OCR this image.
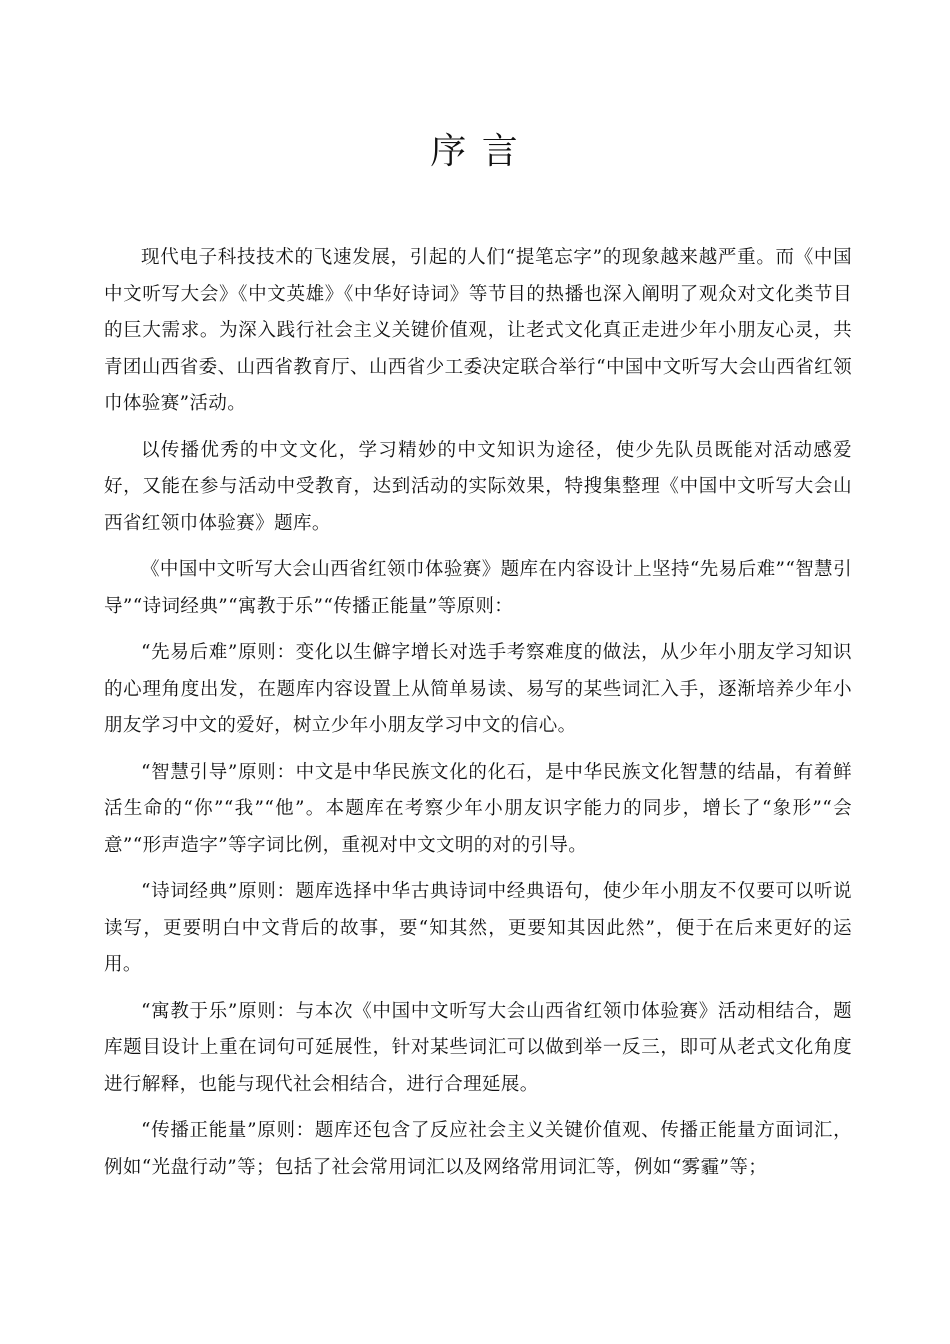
序 言

现代电子科技技术的飞速发展，引起的人们“提笔忘字”的现象越来越严重。而《中国中文听写大会》《中文英雄》《中华好诗词》等节目的热播也深入阐明了观众对文化类节目的巨大需求。为深入践行社会主义关键价值观，让老式文化真正走进少年小朋友心灵，共青团山西省委、山西省教育厅、山西省少工委决定联合举行“中国中文听写大会山西省红领巾体验赛”活动。

以传播优秀的中文文化，学习精妙的中文知识为途径，使少先队员既能对活动感爱好，又能在参与活动中受教育，达到活动的实际效果，特搜集整理《中国中文听写大会山西省红领巾体验赛》题库。

《中国中文听写大会山西省红领巾体验赛》题库在内容设计上坚持“先易后难”“智慧引导”“诗词经典”“寓教于乐”“传播正能量”等原则：

“先易后难”原则：变化以生僻字增长对选手考察难度的做法，从少年小朋友学习知识的心理角度出发，在题库内容设置上从简单易读、易写的某些词汇入手，逐渐培养少年小朋友学习中文的爱好，树立少年小朋友学习中文的信心。

“智慧引导”原则：中文是中华民族文化的化石，是中华民族文化智慧的结晶，有着鲜活生命的“你”“我”“他”。本题库在考察少年小朋友识字能力的同步，增长了“象形”“会意”“形声造字”等字词比例，重视对中文文明的对的引导。

“诗词经典”原则：题库选择中华古典诗词中经典语句，使少年小朋友不仅要可以听说读写，更要明白中文背后的故事，要“知其然，更要知其因此然”，便于在后来更好的运用。

“寓教于乐”原则：与本次《中国中文听写大会山西省红领巾体验赛》活动相结合，题库题目设计上重在词句可延展性，针对某些词汇可以做到举一反三，即可从老式文化角度进行解释，也能与现代社会相结合，进行合理延展。

“传播正能量”原则：题库还包含了反应社会主义关键价值观、传播正能量方面词汇，例如“光盘行动”等；包括了社会常用词汇以及网络常用词汇等，例如“雾霾”等；
